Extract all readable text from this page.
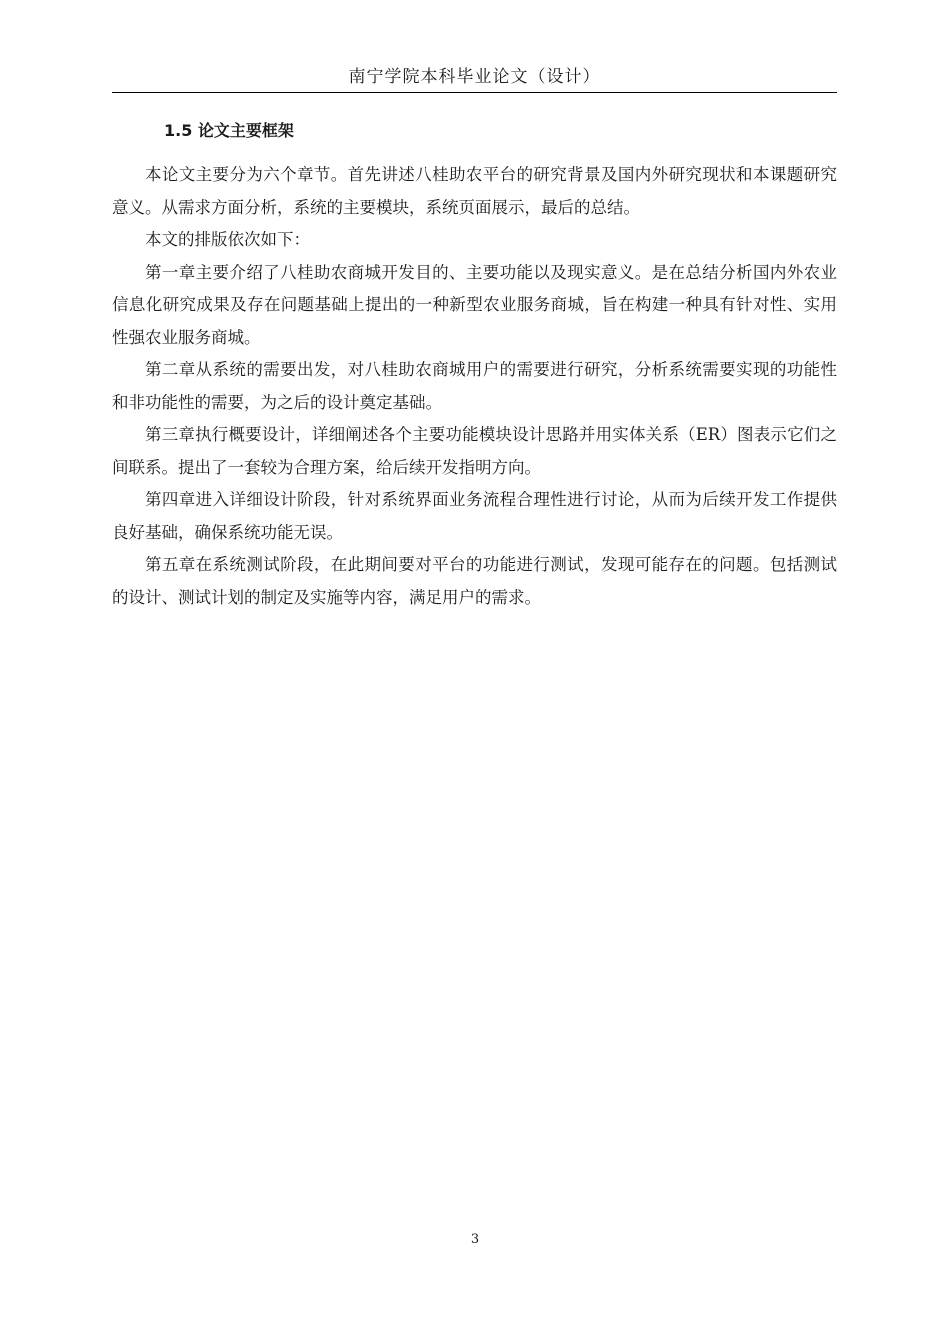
南宁学院本科毕业论文（设计）
1.5 论文主要框架

本论文主要分为六个章节。首先讲述八桂助农平台的研究背景及国内外研究现状和本课题研究意义。从需求方面分析，系统的主要模块，系统页面展示，最后的总结。

本文的排版依次如下：

第一章主要介绍了八桂助农商城开发目的、主要功能以及现实意义。是在总结分析国内外农业信息化研究成果及存在问题基础上提出的一种新型农业服务商城，旨在构建一种具有针对性、实用性强农业服务商城。

第二章从系统的需要出发，对八桂助农商城用户的需要进行研究，分析系统需要实现的功能性和非功能性的需要，为之后的设计奠定基础。

第三章执行概要设计，详细阐述各个主要功能模块设计思路并用实体关系（ER）图表示它们之间联系。提出了一套较为合理方案，给后续开发指明方向。

第四章进入详细设计阶段，针对系统界面业务流程合理性进行讨论，从而为后续开发工作提供良好基础，确保系统功能无误。

第五章在系统测试阶段，在此期间要对平台的功能进行测试，发现可能存在的问题。包括测试的设计、测试计划的制定及实施等内容，满足用户的需求。

3
